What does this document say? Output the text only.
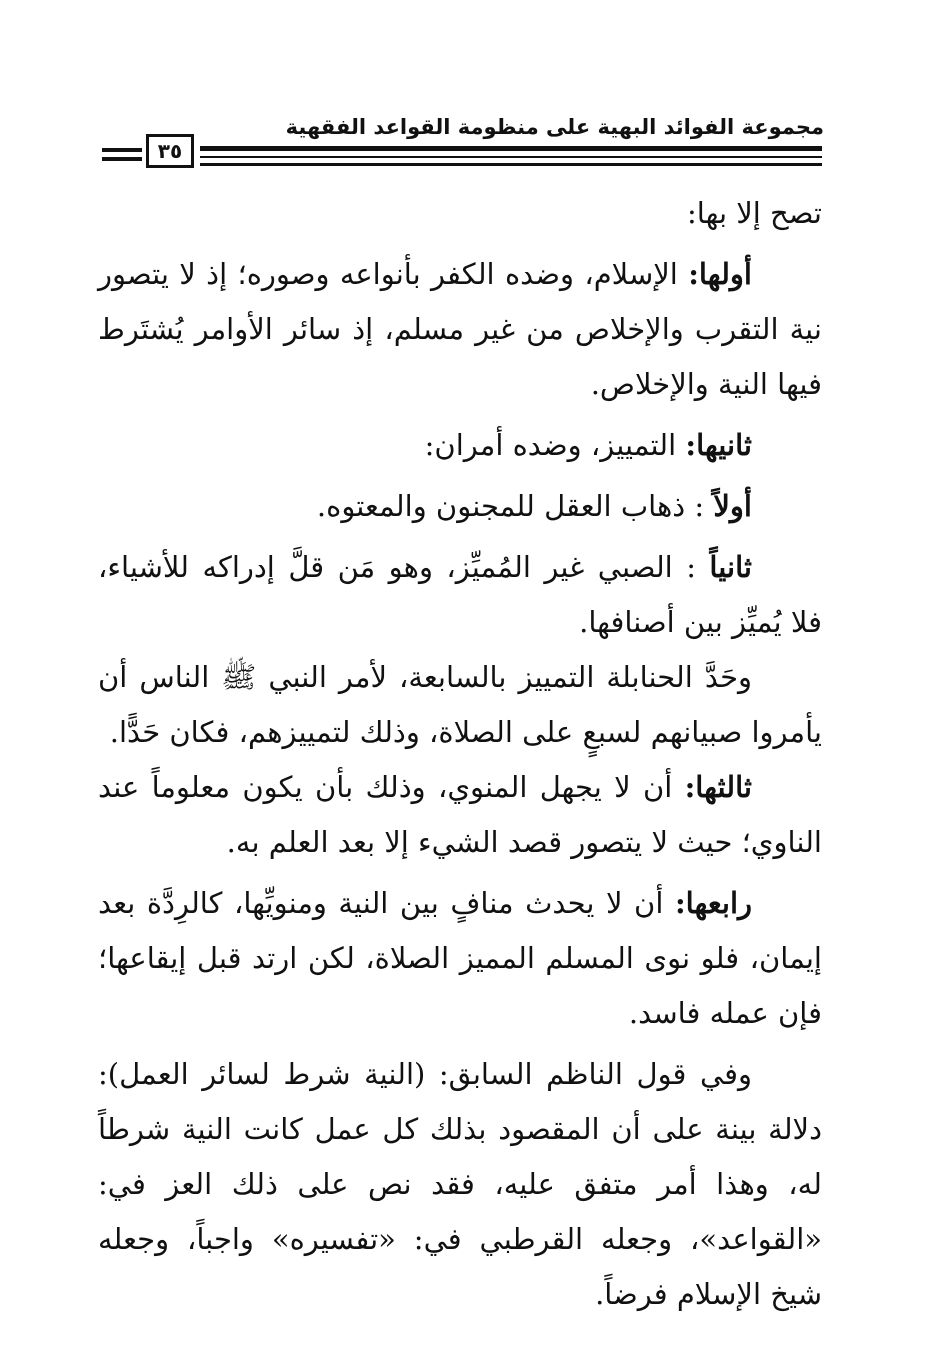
مجموعة الفوائد البهية على منظومة القواعد الفقهية
٣٥

تصح إلا بها:

أولها: الإسلام، وضده الكفر بأنواعه وصوره؛ إذ لا يتصور نية التقرب والإخلاص من غير مسلم، إذ سائر الأوامر يُشتَرط فيها النية والإخلاص.

ثانيها: التمييز، وضده أمران:

أولاً : ذهاب العقل للمجنون والمعتوه.

ثانياً : الصبي غير المُميِّز، وهو مَن قلَّ إدراكه للأشياء، فلا يُميِّز بين أصنافها.

وحَدَّ الحنابلة التمييز بالسابعة، لأمر النبي ﷺ الناس أن يأمروا صبيانهم لسبعٍ على الصلاة، وذلك لتمييزهم، فكان حَدًّا.

ثالثها: أن لا يجهل المنوي، وذلك بأن يكون معلوماً عند الناوي؛ حيث لا يتصور قصد الشيء إلا بعد العلم به.

رابعها: أن لا يحدث منافٍ بين النية ومنويِّها، كالرِدَّة بعد إيمان، فلو نوى المسلم المميز الصلاة، لكن ارتد قبل إيقاعها؛ فإن عمله فاسد.

وفي قول الناظم السابق: (النية شرط لسائر العمل): دلالة بينة على أن المقصود بذلك كل عمل كانت النية شرطاً له، وهذا أمر متفق عليه، فقد نص على ذلك العز في: «القواعد»، وجعله القرطبي في: «تفسيره» واجباً، وجعله شيخ الإسلام فرضاً.
